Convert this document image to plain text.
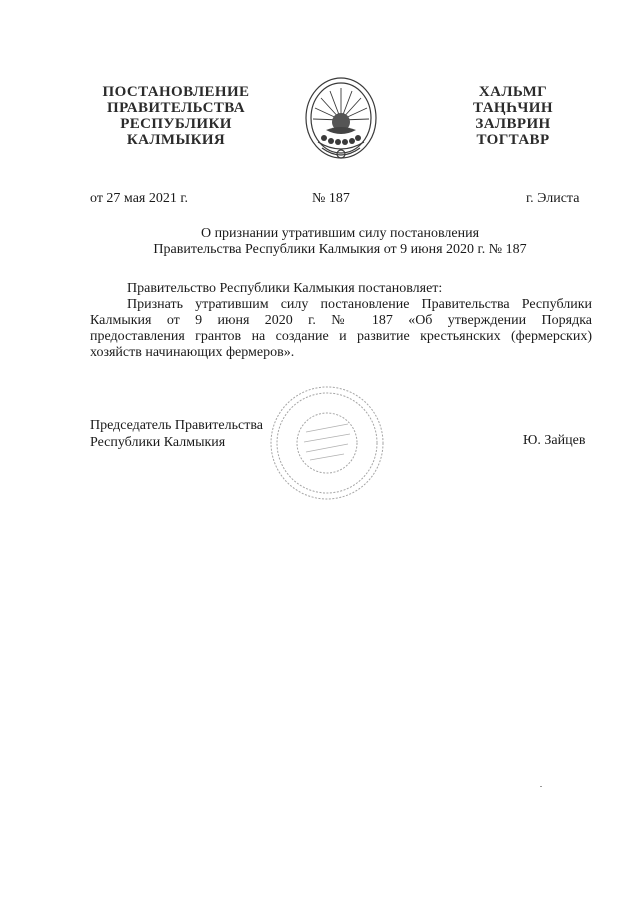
ПОСТАНОВЛЕНИЕ
ПРАВИТЕЛЬСТВА
РЕСПУБЛИКИ
КАЛМЫКИЯ
ХАЛЬМГ
ТАҢҺЧИН
ЗАЛВРИН
ТОГТАВР
от 27 мая 2021 г.	№ 187	г. Элиста
О признании утратившим силу постановления
Правительства Республики Калмыкия от 9 июня 2020 г. № 187
Правительство Республики Калмыкия постановляет:
Признать утратившим силу постановление Правительства Республики
Калмыкия от 9 июня 2020 г. № 187 «Об утверждении Порядка
предоставления грантов на создание и развитие крестьянских (фермерских)
хозяйств начинающих фермеров».
Председатель Правительства
Республики Калмыкия	Ю. Зайцев
